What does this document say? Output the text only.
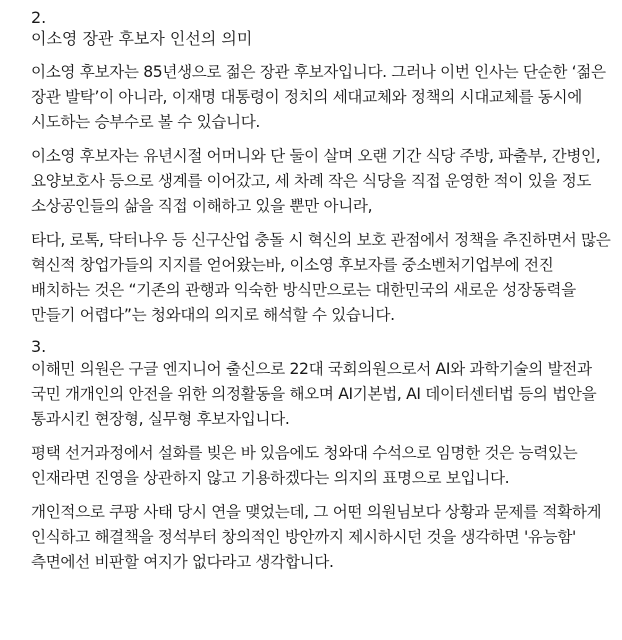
2.

이소영 장관 후보자 인선의 의미

이소영 후보자는 85년생으로 젊은 장관 후보자입니다. 그러나 이번 인사는 단순한 ‘젊은 장관 발탁’이 아니라, 이재명 대통령이 정치의 세대교체와 정책의 시대교체를 동시에 시도하는 승부수로 볼 수 있습니다.

이소영 후보자는 유년시절 어머니와 단 둘이 살며 오랜 기간 식당 주방, 파출부, 간병인, 요양보호사 등으로 생계를 이어갔고, 세 차례 작은 식당을 직접 운영한 적이 있을 정도 소상공인들의 삶을 직접 이해하고 있을 뿐만 아니라,

타다, 로톡, 닥터나우 등 신구산업 충돌 시 혁신의 보호 관점에서 정책을 추진하면서 많은 혁신적 창업가들의 지지를 얻어왔는바, 이소영 후보자를 중소벤처기업부에 전진 배치하는 것은 “기존의 관행과 익숙한 방식만으로는 대한민국의 새로운 성장동력을 만들기 어렵다”는 청와대의 의지로 해석할 수 있습니다.

3.

이해민 의원은 구글 엔지니어 출신으로 22대 국회의원으로서 AI와 과학기술의 발전과 국민 개개인의 안전을 위한 의정활동을 해오며 AI기본법, AI 데이터센터법 등의 법안을 통과시킨 현장형, 실무형 후보자입니다.

평택 선거과정에서 설화를 빚은 바 있음에도 청와대 수석으로 임명한 것은 능력있는 인재라면 진영을 상관하지 않고 기용하겠다는 의지의 표명으로 보입니다.

개인적으로 쿠팡 사태 당시 연을 맺었는데, 그 어떤 의원님보다 상황과 문제를 적확하게 인식하고 해결책을 정석부터 창의적인 방안까지 제시하시던 것을 생각하면 '유능함' 측면에선 비판할 여지가 없다라고 생각합니다.
